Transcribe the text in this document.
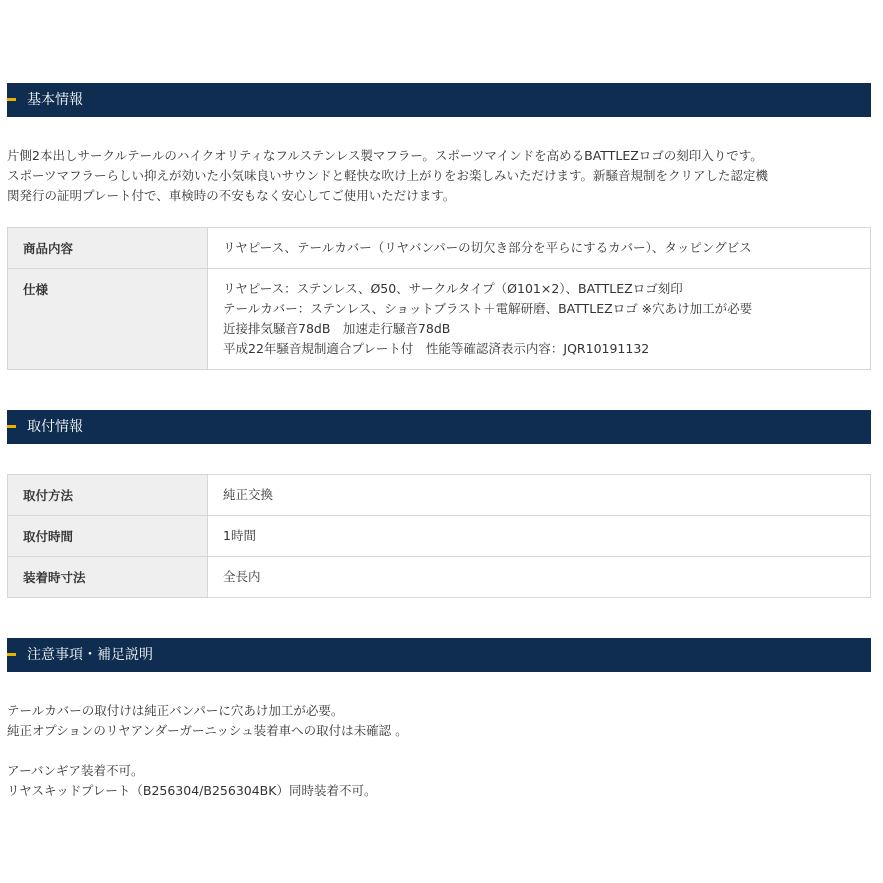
基本情報

片側2本出しサークルテールのハイクオリティなフルステンレス製マフラー。スポーツマインドを高めるBATTLEZロゴの刻印入りです。
スポーツマフラーらしい抑えが効いた小気味良いサウンドと軽快な吹け上がりをお楽しみいただけます。新騒音規制をクリアした認定機
関発行の証明プレート付で、車検時の不安もなく安心してご使用いただけます。

商品内容	リヤピース、テールカバー（リヤバンパーの切欠き部分を平らにするカバー）、タッピングビス

仕様	リヤピース：ステンレス、Ø50、サークルタイプ（Ø101×2）、BATTLEZロゴ刻印
テールカバー：ステンレス、ショットブラスト＋電解研磨、BATTLEZロゴ ※穴あけ加工が必要
近接排気騒音78dB　加速走行騒音78dB
平成22年騒音規制適合プレート付　性能等確認済表示内容：JQR10191132
取付情報
取付方法	純正交換

取付時間	1時間

装着時寸法	全長内
注意事項・補足説明

テールカバーの取付けは純正バンパーに穴あけ加工が必要。
純正オプションのリヤアンダーガーニッシュ装着車への取付は未確認 。

アーバンギア装着不可。
リヤスキッドプレート（B256304/B256304BK）同時装着不可。
